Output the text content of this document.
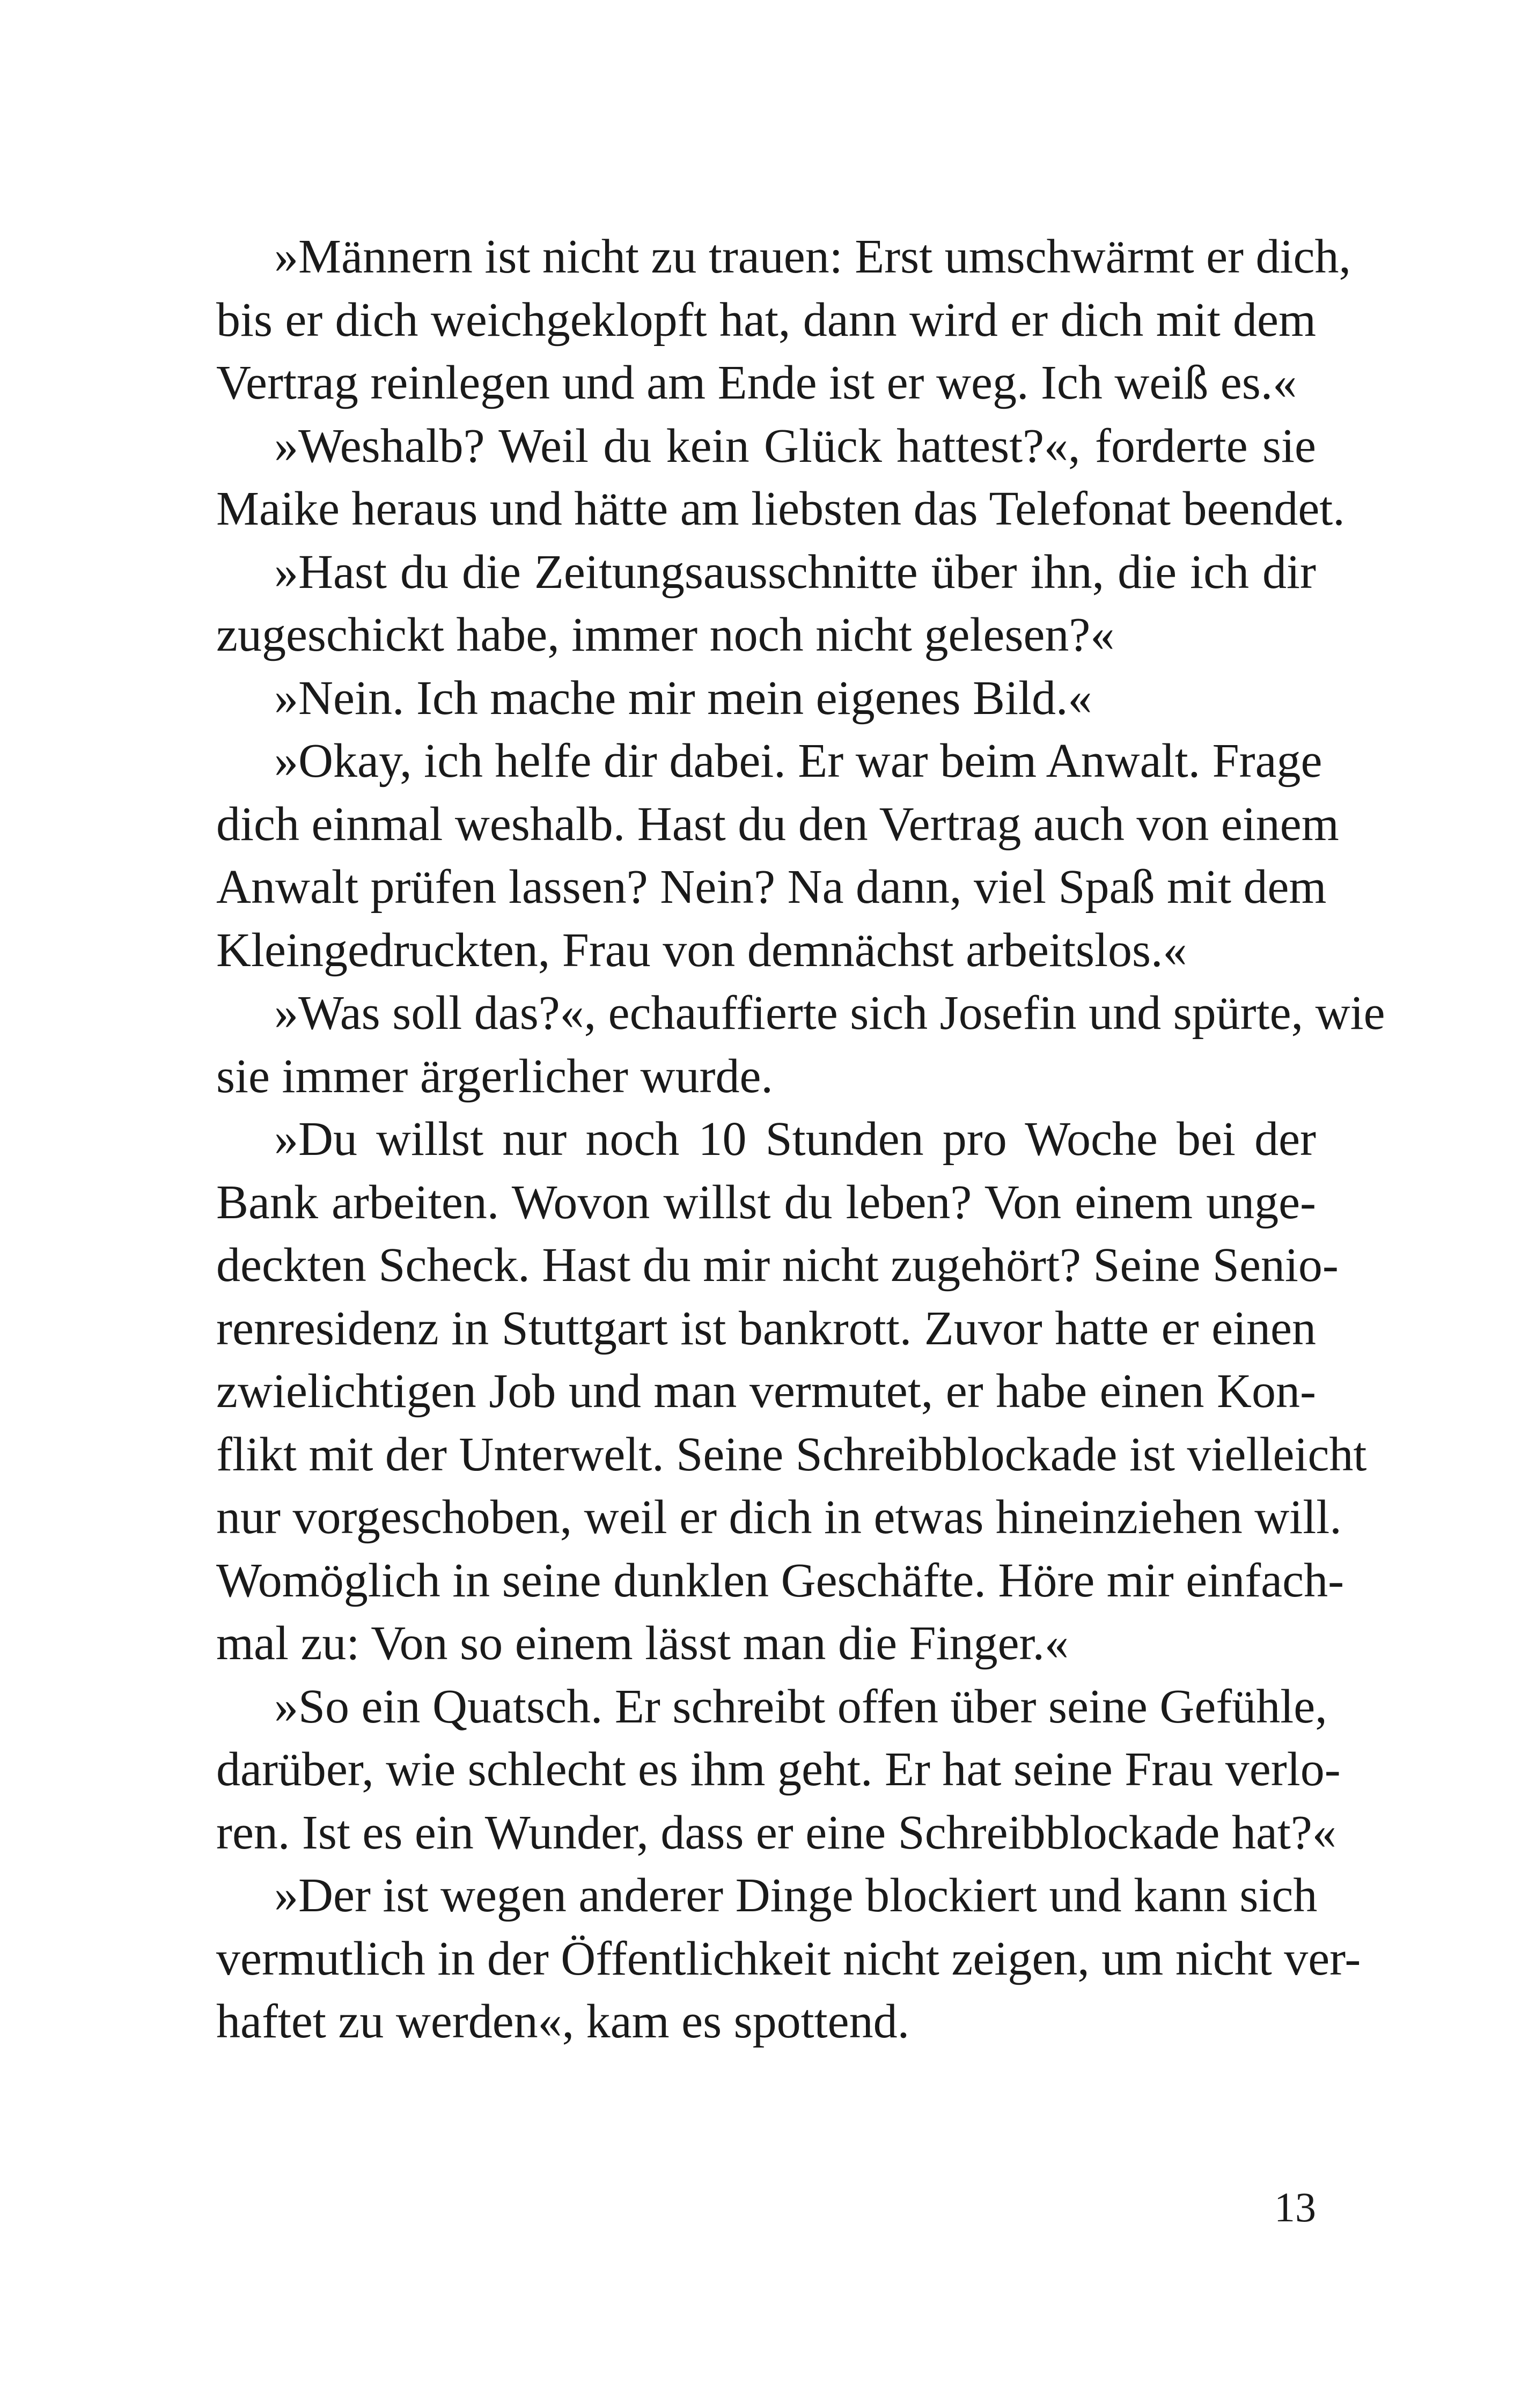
»Männern ist nicht zu trauen: Erst umschwärmt er dich,
bis er dich weichgeklopft hat, dann wird er dich mit dem
Vertrag reinlegen und am Ende ist er weg. Ich weiß es.«
»Weshalb? Weil du kein Glück hattest?«, forderte sie
Maike heraus und hätte am liebsten das Telefonat beendet.
»Hast du die Zeitungsausschnitte über ihn, die ich dir
zugeschickt habe, immer noch nicht gelesen?«
»Nein. Ich mache mir mein eigenes Bild.«
»Okay, ich helfe dir dabei. Er war beim Anwalt. Frage
dich einmal weshalb. Hast du den Vertrag auch von einem
Anwalt prüfen lassen? Nein? Na dann, viel Spaß mit dem
Kleingedruckten, Frau von demnächst arbeitslos.«
»Was soll das?«, echauffierte sich Josefin und spürte, wie
sie immer ärgerlicher wurde.
»Du willst nur noch 10 Stunden pro Woche bei der
Bank arbeiten. Wovon willst du leben? Von einem unge-
deckten Scheck. Hast du mir nicht zugehört? Seine Senio-
renresidenz in Stuttgart ist bankrott. Zuvor hatte er einen
zwielichtigen Job und man vermutet, er habe einen Kon-
flikt mit der Unterwelt. Seine Schreibblockade ist vielleicht
nur vorgeschoben, weil er dich in etwas hineinziehen will.
Womöglich in seine dunklen Geschäfte. Höre mir einfach-
mal zu: Von so einem lässt man die Finger.«
»So ein Quatsch. Er schreibt offen über seine Gefühle,
darüber, wie schlecht es ihm geht. Er hat seine Frau verlo-
ren. Ist es ein Wunder, dass er eine Schreibblockade hat?«
»Der ist wegen anderer Dinge blockiert und kann sich
vermutlich in der Öffentlichkeit nicht zeigen, um nicht ver-
haftet zu werden«, kam es spottend.
13
